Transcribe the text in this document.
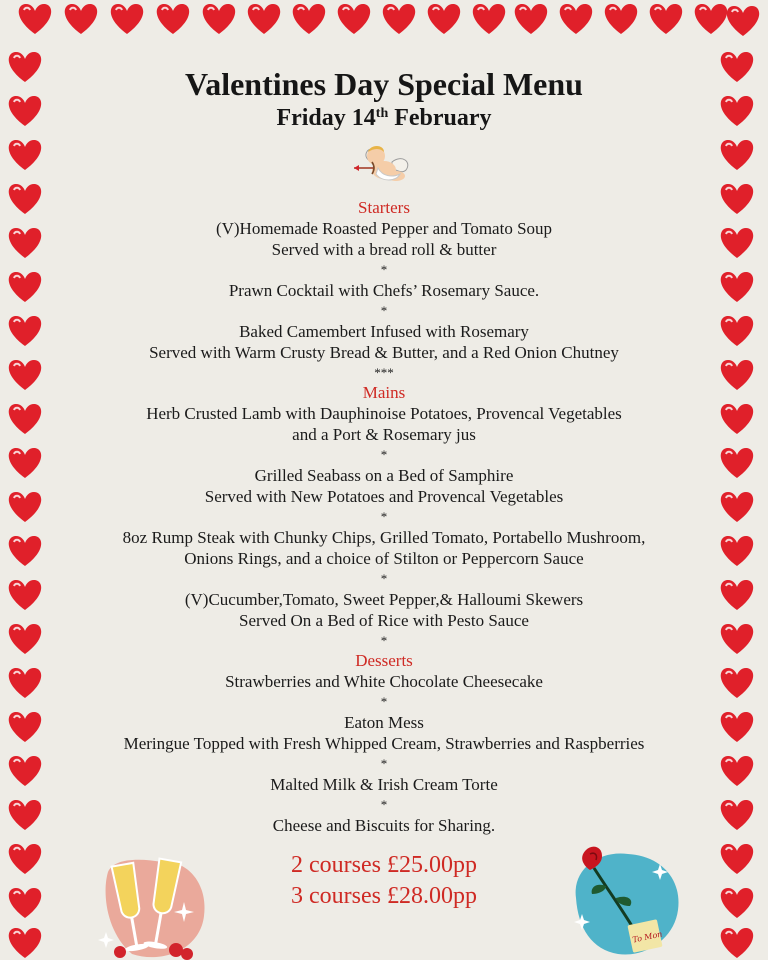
Valentines Day Special Menu

Friday 14th February

Starters

(V)Homemade Roasted Pepper and Tomato Soup

Served with a bread roll & butter

*

Prawn Cocktail with Chefs’ Rosemary Sauce.

*

Baked Camembert Infused with Rosemary

Served with Warm Crusty Bread & Butter, and a Red Onion Chutney

***

Mains

Herb Crusted Lamb with Dauphinoise Potatoes, Provencal Vegetables

and a Port & Rosemary jus

*

Grilled Seabass on a Bed of Samphire

Served with New Potatoes and Provencal Vegetables

*

8oz Rump Steak with Chunky Chips, Grilled Tomato, Portabello Mushroom,

Onions Rings, and a choice of Stilton or Peppercorn Sauce

*

(V)Cucumber,Tomato, Sweet Pepper,& Halloumi Skewers

Served On a Bed of Rice with Pesto Sauce

*

Desserts

Strawberries and White Chocolate Cheesecake

*

Eaton Mess

Meringue Topped with Fresh Whipped Cream, Strawberries and Raspberries

*

Malted Milk & Irish Cream Torte

*

Cheese and Biscuits for Sharing.

2 courses £25.00pp

3 courses £28.00pp

To Mon
